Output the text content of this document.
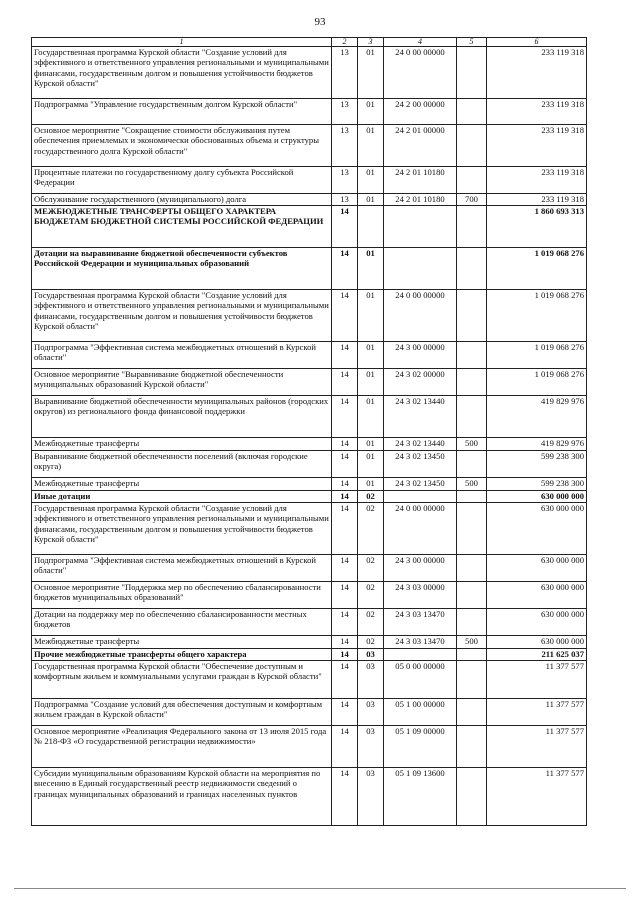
93
1	2	3	4	5	6
Государственная программа Курской области "Создание условий для эффективного и ответственного управления региональными и муниципальными финансами, государственным долгом и повышения устойчивости бюджетов Курской области"	13	01	24 0 00 00000		233 119 318
Подпрограмма "Управление государственным долгом Курской области"	13	01	24 2 00 00000		233 119 318
Основное мероприятие "Сокращение стоимости обслуживания путем обеспечения приемлемых и экономически обоснованных объема и структуры государственного долга Курской области"	13	01	24 2 01 00000		233 119 318
Процентные платежи по государственному долгу субъекта Российской Федерации	13	01	24 2 01 10180		233 119 318
Обслуживание государственного (муниципального) долга	13	01	24 2 01 10180	700	233 119 318
МЕЖБЮДЖЕТНЫЕ ТРАНСФЕРТЫ ОБЩЕГО ХАРАКТЕРА БЮДЖЕТАМ БЮДЖЕТНОЙ СИСТЕМЫ РОССИЙСКОЙ ФЕДЕРАЦИИ	14				1 860 693 313
Дотации на выравнивание бюджетной обеспеченности субъектов Российской Федерации и муниципальных образований	14	01			1 019 068 276
Государственная программа Курской области "Создание условий для эффективного и ответственного управления региональными и муниципальными финансами, государственным долгом и повышения устойчивости бюджетов Курской области"	14	01	24 0 00 00000		1 019 068 276
Подпрограмма "Эффективная система межбюджетных отношений в Курской области"	14	01	24 3 00 00000		1 019 068 276
Основное мероприятие "Выравнивание бюджетной обеспеченности муниципальных образований Курской области"	14	01	24 3 02 00000		1 019 068 276
Выравнивание бюджетной обеспеченности муниципальных районов (городских округов) из регионального фонда финансовой поддержки	14	01	24 3 02 13440		419 829 976
Межбюджетные трансферты	14	01	24 3 02 13440	500	419 829 976
Выравнивание бюджетной обеспеченности поселений (включая городские округа)	14	01	24 3 02 13450		599 238 300
Межбюджетные трансферты	14	01	24 3 02 13450	500	599 238 300
Иные дотации	14	02			630 000 000
Государственная программа Курской области "Создание условий для эффективного и ответственного управления региональными и муниципальными финансами, государственным долгом и повышения устойчивости бюджетов Курской области"	14	02	24 0 00 00000		630 000 000
Подпрограмма "Эффективная система межбюджетных отношений в Курской области"	14	02	24 3 00 00000		630 000 000
Основное мероприятие "Поддержка мер по обеспечению сбалансированности бюджетов муниципальных образований"	14	02	24 3 03 00000		630 000 000
Дотации на поддержку мер по обеспечению сбалансированности местных бюджетов	14	02	24 3 03 13470		630 000 000
Межбюджетные трансферты	14	02	24 3 03 13470	500	630 000 000
Прочие межбюджетные трансферты общего характера	14	03			211 625 037
Государственная программа Курской области "Обеспечение доступным и комфортным жильем и коммунальными услугами граждан в Курской области"	14	03	05 0 00 00000		11 377 577
Подпрограмма "Создание условий для обеспечения доступным и комфортным жильем граждан в Курской области"	14	03	05 1 00 00000		11 377 577
Основное мероприятие «Реализация Федерального закона от 13 июля 2015 года № 218-ФЗ «О государственной регистрации недвижимости»	14	03	05 1 09 00000		11 377 577
Субсидии муниципальным образованиям Курской области на мероприятия по внесению в Единый государственный реестр недвижимости сведений о границах муниципальных образований и границах населенных пунктов	14	03	05 1 09 13600		11 377 577
